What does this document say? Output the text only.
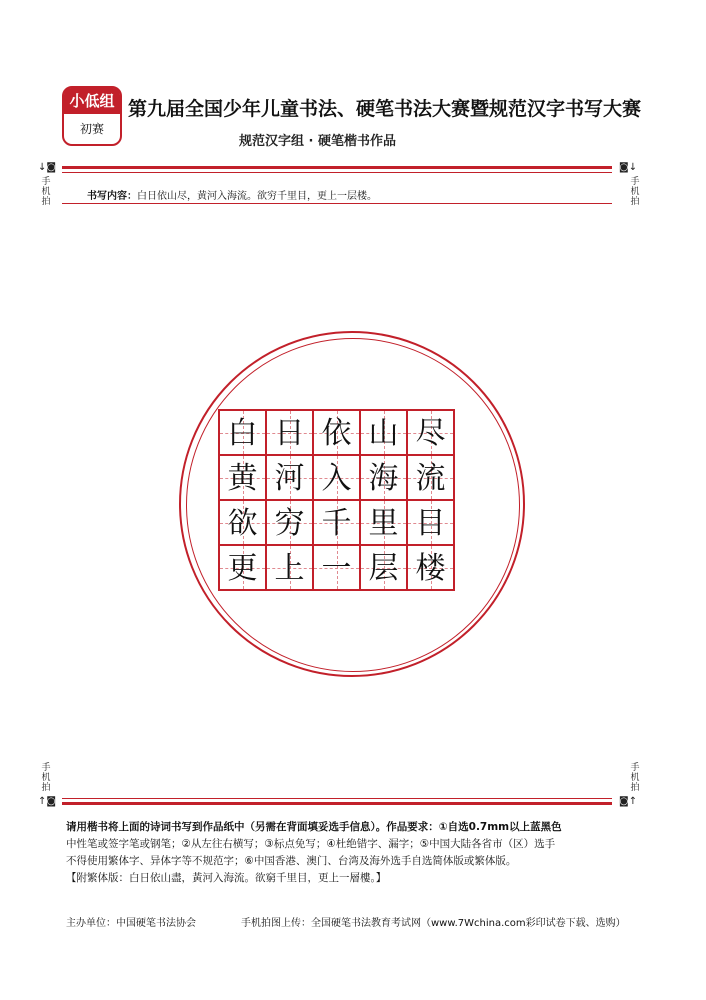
小低组
初赛
第九届全国少年儿童书法、硬笔书法大赛暨规范汉字书写大赛
规范汉字组 · 硬笔楷书作品
↓◙
手机拍
◙↓
手机拍
书写内容：白日依山尽，黄河入海流。欲穷千里目，更上一层楼。
白 日 依 山 尽
黄 河 入 海 流
欲 穷 千 里 目
更 上 一 层 楼
手机拍
↑◙
手机拍
◙↑
请用楷书将上面的诗词书写到作品纸中（另需在背面填妥选手信息）。作品要求：①自选0.7mm以上蓝黑色
中性笔或签字笔或钢笔；②从左往右横写；③标点免写；④杜绝错字、漏字；⑤中国大陆各省市（区）选手
不得使用繁体字、异体字等不规范字；⑥中国香港、澳门、台湾及海外选手自选简体版或繁体版。
【附繁体版：白日依山盡，黃河入海流。欲窮千里目，更上一層樓。】
主办单位：中国硬笔书法协会	手机拍图上传：全国硬笔书法教育考试网（www.7Wchina.com彩印试卷下载、选购）
